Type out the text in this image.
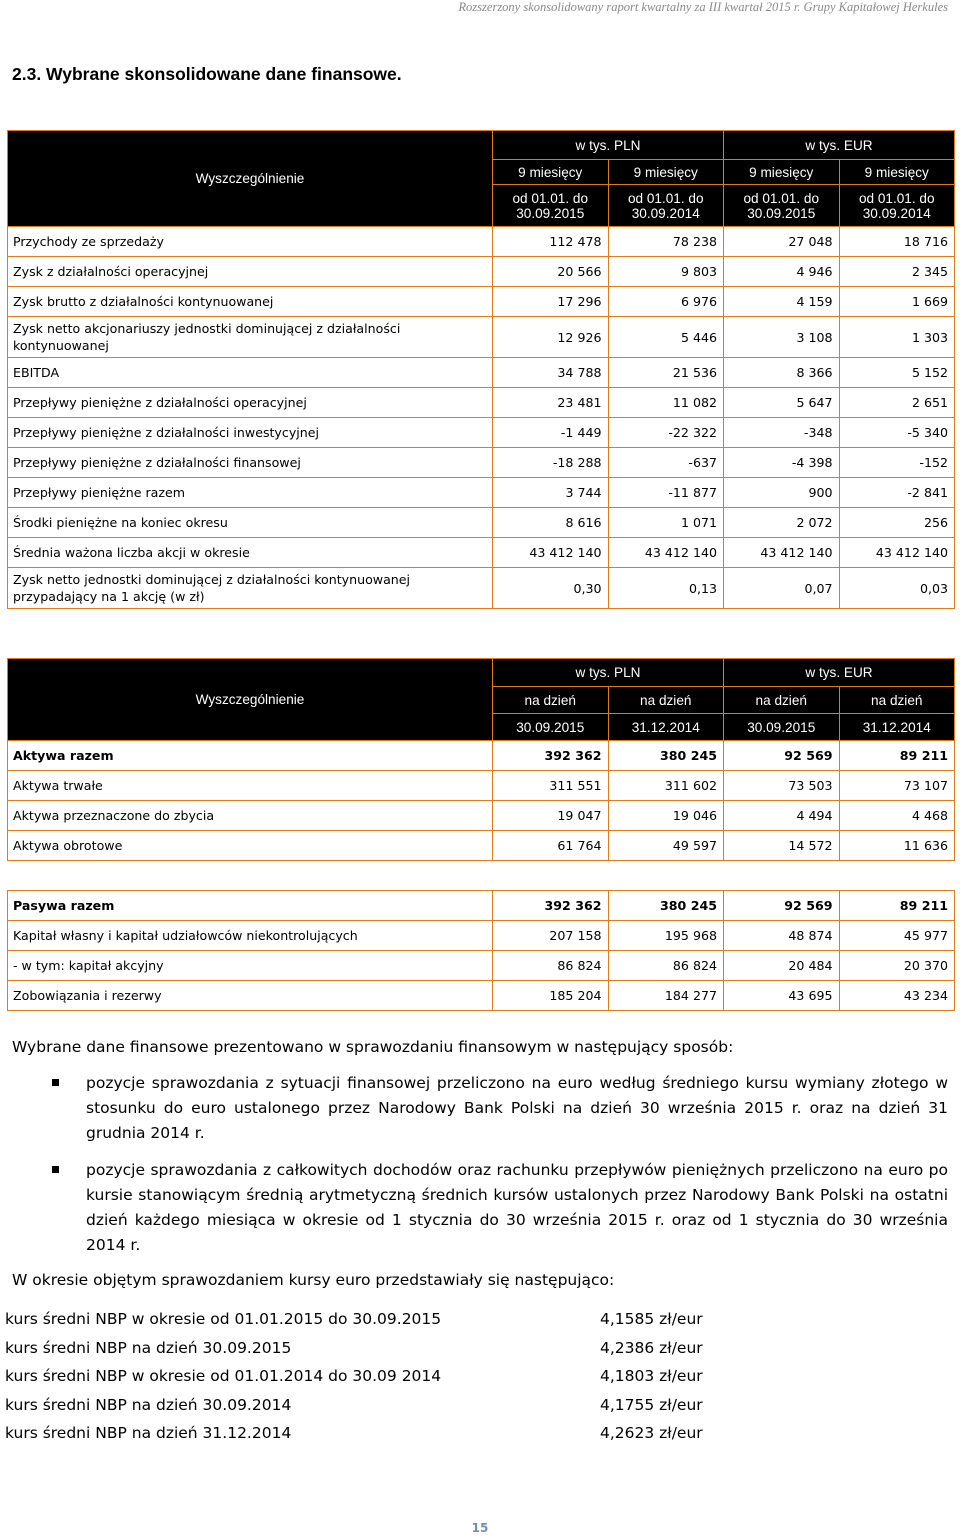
Rozszerzony skonsolidowany raport kwartalny za III kwartał 2015 r. Grupy Kapitałowej Herkules
2.3. Wybrane skonsolidowane dane finansowe.
Wyszczególnienie	w tys. PLN		w tys. EUR	
	9 miesięcy	9 miesięcy	9 miesięcy	9 miesięcy
	od 01.01. do 30.09.2015	od 01.01. do 30.09.2014	od 01.01. do 30.09.2015	od 01.01. do 30.09.2014
Przychody ze sprzedaży	112 478	78 238	27 048	18 716
Zysk z działalności operacyjnej	20 566	9 803	4 946	2 345
Zysk brutto z działalności kontynuowanej	17 296	6 976	4 159	1 669
Zysk netto akcjonariuszy jednostki dominującej z działalności kontynuowanej	12 926	5 446	3 108	1 303
EBITDA	34 788	21 536	8 366	5 152
Przepływy pieniężne z działalności operacyjnej	23 481	11 082	5 647	2 651
Przepływy pieniężne z działalności inwestycyjnej	-1 449	-22 322	-348	-5 340
Przepływy pieniężne z działalności finansowej	-18 288	-637	-4 398	-152
Przepływy pieniężne razem	3 744	-11 877	900	-2 841
Środki pieniężne na koniec okresu	8 616	1 071	2 072	256
Średnia ważona liczba akcji w okresie	43 412 140	43 412 140	43 412 140	43 412 140
Zysk netto jednostki dominującej z działalności kontynuowanej przypadający na 1 akcję (w zł)	0,30	0,13	0,07	0,03
Wyszczególnienie	w tys. PLN		w tys. EUR	
	na dzień	na dzień	na dzień	na dzień
	30.09.2015	31.12.2014	30.09.2015	31.12.2014
Aktywa razem	392 362	380 245	92 569	89 211
Aktywa trwałe	311 551	311 602	73 503	73 107
Aktywa przeznaczone do zbycia	19 047	19 046	4 494	4 468
Aktywa obrotowe	61 764	49 597	14 572	11 636

Pasywa razem	392 362	380 245	92 569	89 211
Kapitał własny i kapitał udziałowców niekontrolujących	207 158	195 968	48 874	45 977
- w tym: kapitał akcyjny	86 824	86 824	20 484	20 370
Zobowiązania i rezerwy	185 204	184 277	43 695	43 234
Wybrane dane finansowe prezentowano w sprawozdaniu finansowym w następujący sposób:
pozycje sprawozdania z sytuacji finansowej przeliczono na euro według średniego kursu wymiany złotego w stosunku do euro ustalonego przez Narodowy Bank Polski na dzień 30 września 2015 r. oraz na dzień 31 grudnia 2014 r.
pozycje sprawozdania z całkowitych dochodów oraz rachunku przepływów pieniężnych przeliczono na euro po kursie stanowiącym średnią arytmetyczną średnich kursów ustalonych przez Narodowy Bank Polski na ostatni dzień każdego miesiąca w okresie od 1 stycznia do 30 września 2015 r. oraz od 1 stycznia do 30 września 2014 r.
W okresie objętym sprawozdaniem kursy euro przedstawiały się następująco:
kurs średni NBP w okresie od 01.01.2015 do 30.09.2015	4,1585 zł/eur
kurs średni NBP na dzień 30.09.2015	4,2386 zł/eur
kurs średni NBP w okresie od 01.01.2014 do 30.09 2014	4,1803 zł/eur
kurs średni NBP na dzień 30.09.2014	4,1755 zł/eur
kurs średni NBP na dzień 31.12.2014	4,2623 zł/eur
15
